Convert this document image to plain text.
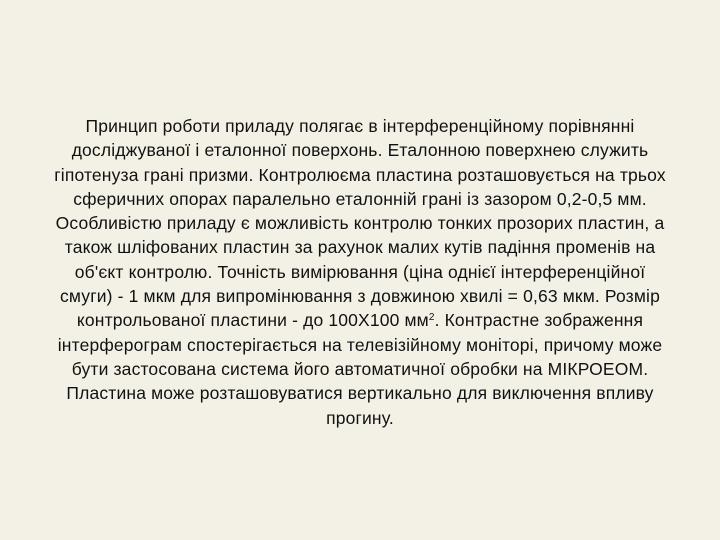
Принцип роботи приладу полягає в інтерференційному порівнянні
досліджуваної і еталонної поверхонь. Еталонною поверхнею служить
гіпотенуза грані призми. Контролюєма пластина розташовується на трьох
сферичних опорах паралельно еталонній грані із зазором 0,2-0,5 мм.
Особливістю приладу є можливість контролю тонких прозорих пластин, а
також шліфованих пластин за рахунок малих кутів падіння променів на
об'єкт контролю. Точність вимірювання (ціна однієї інтерференційної
смуги) - 1 мкм для випромінювання з довжиною хвилі = 0,63 мкм. Розмір
контрольованої пластини - до 100Х100 $мм^2$. Контрастне зображення
інтерферограм спостерігається на телевізійному моніторі, причому може
бути застосована система його автоматичної обробки на МІКРОЕОМ.
Пластина може розташовуватися вертикально для виключення впливу
прогину.
